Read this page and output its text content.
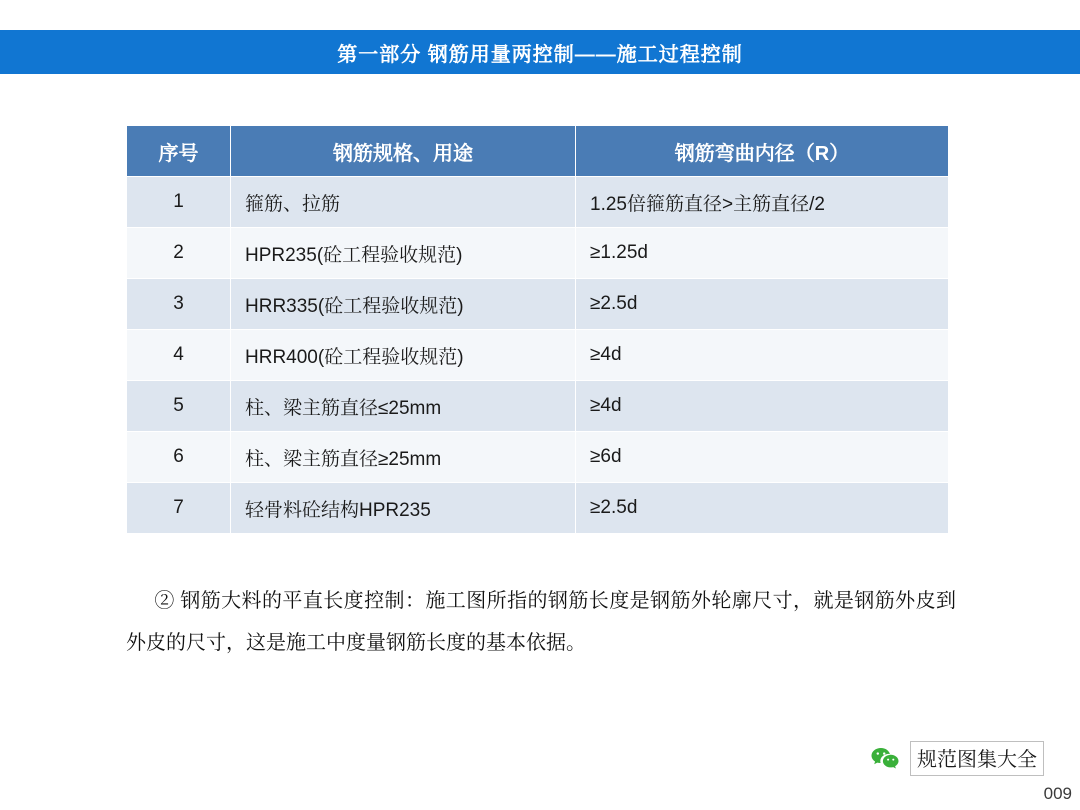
第一部分 钢筋用量两控制——施工过程控制
序号	钢筋规格、用途	钢筋弯曲内径（R）
1	箍筋、拉筋	1.25倍箍筋直径>主筋直径/2
2	HPR235(砼工程验收规范)	≥1.25d
3	HRR335(砼工程验收规范)	≥2.5d
4	HRR400(砼工程验收规范)	≥4d
5	柱、梁主筋直径≤25mm	≥4d
6	柱、梁主筋直径≥25mm	≥6d
7	轻骨料砼结构HPR235	≥2.5d
② 钢筋大料的平直长度控制：施工图所指的钢筋长度是钢筋外轮廓尺寸，就是钢筋外皮到外皮的尺寸，这是施工中度量钢筋长度的基本依据。
规范图集大全
009
